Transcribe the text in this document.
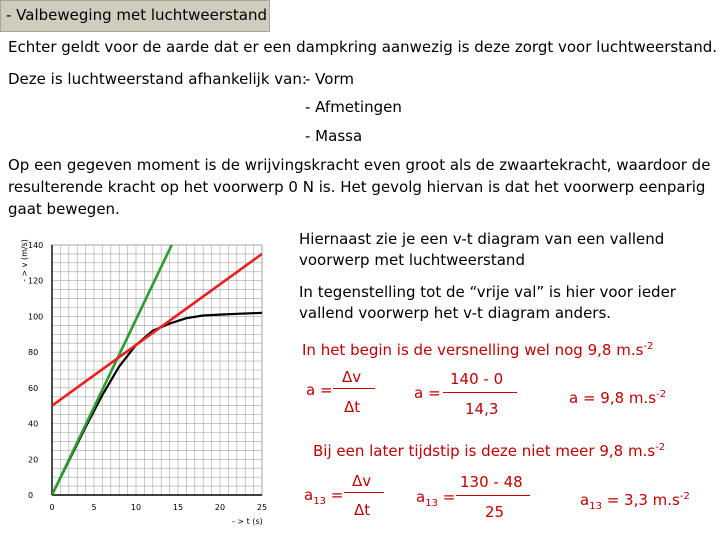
- Valbeweging met luchtweerstand
Echter geldt voor de aarde dat er een dampkring aanwezig is deze zorgt voor luchtweerstand.
Deze is luchtweerstand afhankelijk van:
- Vorm
- Afmetingen
- Massa
Op een gegeven moment is de wrijvingskracht even groot als de zwaartekracht, waardoor de
resulterende kracht op het voorwerp 0 N is. Het gevolg hiervan is dat het voorwerp eenparig
gaat bewegen.
0
20
40
60
80
100
120
140
0	5	10	15	20	25
- > v (m/s)
- > t (s)
Hiernaast zie je een v-t diagram van een vallend
voorwerp met luchtweerstand
In tegenstelling tot de “vrije val” is hier voor ieder
vallend voorwerp het v-t diagram anders.
In het begin is de versnelling wel nog 9,8 $m.s^{-2}$
a =
Δv
Δt
a =
140 - 0
14,3
a = 9,8 $m.s^{-2}$
Bij een later tijdstip is deze niet meer 9,8 $m.s^{-2}$
$a_{13}$ =
Δv
Δt
$a_{13}$ =
130 - 48
25
$a_{13} = 3,3$ $m.s^{-2}$
